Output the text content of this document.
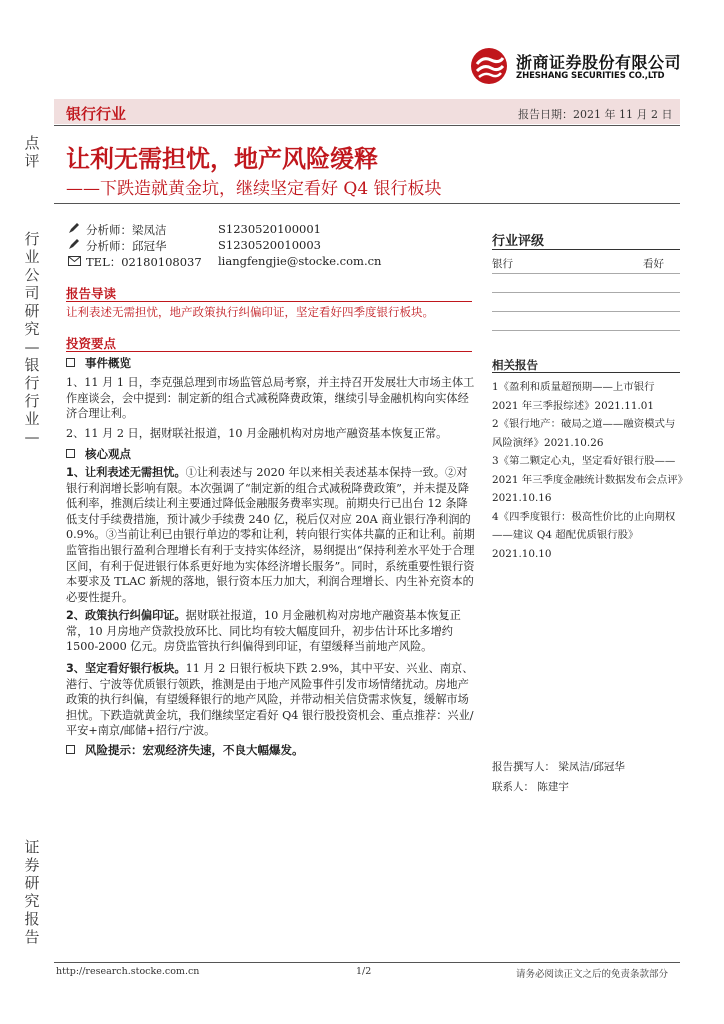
浙商证券股份有限公司
ZHESHANG SECURITIES CO.,LTD
银行行业	报告日期：2021 年 11 月 2 日
点评
行业公司研究—银行行业—
证券研究报告
让利无需担忧，地产风险缓释
——下跌造就黄金坑，继续坚定看好 Q4 银行板块
分析师：梁凤洁	S1230520100001
分析师：邱冠华	S1230520010003
TEL：02180108037 liangfengjie@stocke.com.cn
行业评级
银行	看好
报告导读
让利表述无需担忧，地产政策执行纠偏印证，坚定看好四季度银行板块。
投资要点
事件概览
1、11 月 1 日，李克强总理到市场监管总局考察，并主持召开发展壮大市场主体工作座谈会，会中提到：制定新的组合式减税降费政策，继续引导金融机构向实体经济合理让利。
2、11 月 2 日，据财联社报道，10 月金融机构对房地产融资基本恢复正常。
核心观点
1、让利表述无需担忧。①让利表述与 2020 年以来相关表述基本保持一致。②对银行利润增长影响有限。本次强调了“制定新的组合式减税降费政策”，并未提及降低利率，推测后续让利主要通过降低金融服务费率实现。前期央行已出台 12 条降低支付手续费措施，预计减少手续费 240 亿，税后仅对应 20A 商业银行净利润的 0.9%。③当前让利已由银行单边的零和让利，转向银行实体共赢的正和让利。前期监管指出银行盈利合理增长有利于支持实体经济，易纲提出“保持利差水平处于合理区间，有利于促进银行体系更好地为实体经济增长服务”。同时，系统重要性银行资本要求及 TLAC 新规的落地，银行资本压力加大，利润合理增长、内生补充资本的必要性提升。
2、政策执行纠偏印证。据财联社报道，10 月金融机构对房地产融资基本恢复正常，10 月房地产贷款投放环比、同比均有较大幅度回升，初步估计环比多增约 1500-2000 亿元。房贷监管执行纠偏得到印证，有望缓释当前地产风险。
3、坚定看好银行板块。11 月 2 日银行板块下跌 2.9%，其中平安、兴业、南京、港行、宁波等优质银行领跌，推测是由于地产风险事件引发市场情绪扰动。房地产政策的执行纠偏，有望缓释银行的地产风险，并带动相关信贷需求恢复，缓解市场担忧。下跌造就黄金坑，我们继续坚定看好 Q4 银行股投资机会、重点推荐：兴业/平安+南京/邮储+招行/宁波。
风险提示：宏观经济失速，不良大幅爆发。
相关报告
1《盈利和质量超预期——上市银行 2021 年三季报综述》2021.11.01
2《银行地产：破局之道——融资模式与风险演绎》2021.10.26
3《第二颗定心丸，坚定看好银行股——2021 年三季度金融统计数据发布会点评》2021.10.16
4《四季度银行：极高性价比的止向期权——建议 Q4 超配优质银行股》2021.10.10
报告撰写人： 梁凤洁/邱冠华
联系人： 陈建宇
http://research.stocke.com.cn	1/2	请务必阅读正文之后的免责条款部分
